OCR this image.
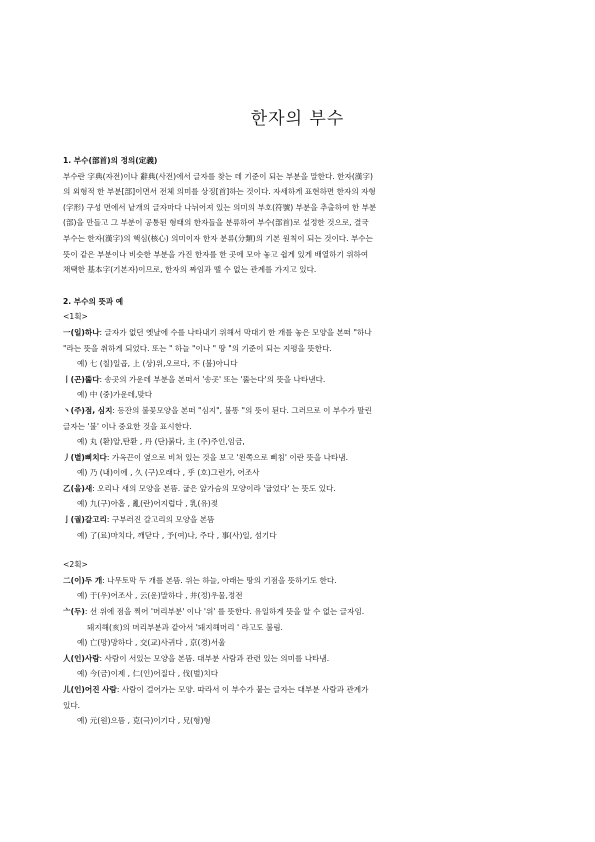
한자의 부수
1. 부수(部首)의 정의(定義)
부수란 字典(자전)이나 辭典(사전)에서 글자를 찾는 데 기준이 되는 부분을 말한다. 한자(漢字)
의 외형적 한 부분[部]이면서 전체 의미를 상징[首]하는 것이다. 자세하게 표현하면 한자의 자형
(字形) 구성 면에서 낱개의 글자마다 나뉘어져 있는 의미의 부호(符號) 부분을 추출하여 한 부분
(部)을 만들고 그 부분이 공통된 형태의 한자들을 분류하여 부수(部首)로 설정한 것으로, 결국
부수는 한자(漢字)의 핵심(核心) 의미이자 한자 분류(分類)의 기본 원칙이 되는 것이다. 부수는
뜻이 같은 부분이나 비슷한 부분을 가진 한자를 한 곳에 모아 놓고 쉽게 있게 배열하기 위하여
채택한 基本字(기본자)이므로, 한자의 짜임과 뗄 수 없는 관계를 가지고 있다.
2. 부수의 뜻과 예
<1획>
一(일)하나: 글자가 없던 옛날에 수를 나타내기 위해서 막대기 한 개를 놓은 모양을 본떠 "하나
"라는 뜻을 취하게 되었다. 또는 " 하늘 "이나 " 땅 "의 기준이 되는 지평을 뜻한다.
예) 七 (칠)일곱, 上 (상)위,오르다, 不 (불)아니다
丨(곤)뚫다: 송곳의 가운데 부분을 본떠서 '송곳' 또는 '뚫는다'의 뜻을 나타낸다.
예) 中 (중)가운데,맞다
丶(주)점, 심지: 등잔의 불꽃모양을 본떠 "심지", 불똥 "의 뜻이 된다. 그러므로 이 부수가 딸린
글자는 '불' 이나 중요한 것을 표시한다.
예) 丸 (환)알,탄환 , 丹 (단)붉다, 主 (주)주인,임금,
丿(별)삐치다: 가옥끈이 옆으로 비쳐 있는 것을 보고 '왼쪽으로 삐침' 이란 뜻을 나타냄.
예) 乃 (내)이에 , 久 (구)오래다 , 乎 (호)그런가, 어조사
乙(을)새: 오리나 새의 모양을 본뜸. 굽은 앞가슴의 모양이라 '굽었다' 는 뜻도 있다.
예) 九(구)아홉 , 亂(란)어지럽다 , 乳(유)젖
亅(궐)갈고리: 구부러진 갈고리의 모양을 본뜸
예) 了(료)마치다, 깨닫다 , 予(여)나, 주다 , 事(사)일, 섬기다
<2획>
二(이)두 개: 나무토막 두 개를 본뜸. 위는 하늘, 아래는 땅의 기점을 뜻하기도 한다.
예) 于(우)어조사 , 云(운)말하다 , 井(정)우물,정전
亠(두): 선 위에 점을 찍어 '머리부분' 이나 '위' 를 뜻한다. 유일하게 뜻을 알 수 없는 글자임.
돼지해(亥)의 머리부분과 같아서 '돼지해머리 ' 라고도 불림.
예) 亡(망)망하다 , 交(교)사귀다 , 京(경)서울
人(인)사람: 사람이 서있는 모양을 본뜸. 대부분 사람과 관련 있는 의미를 나타냄.
예) 今(금)이제 , 仁(인)어질다 , 伐(벌)치다
儿(인)어진 사람: 사람이 걸어가는 모양. 따라서 이 부수가 붙는 글자는 대부분 사람과 관계가
있다.
예) 元(원)으뜸 , 克(극)이기다 , 兄(형)형
